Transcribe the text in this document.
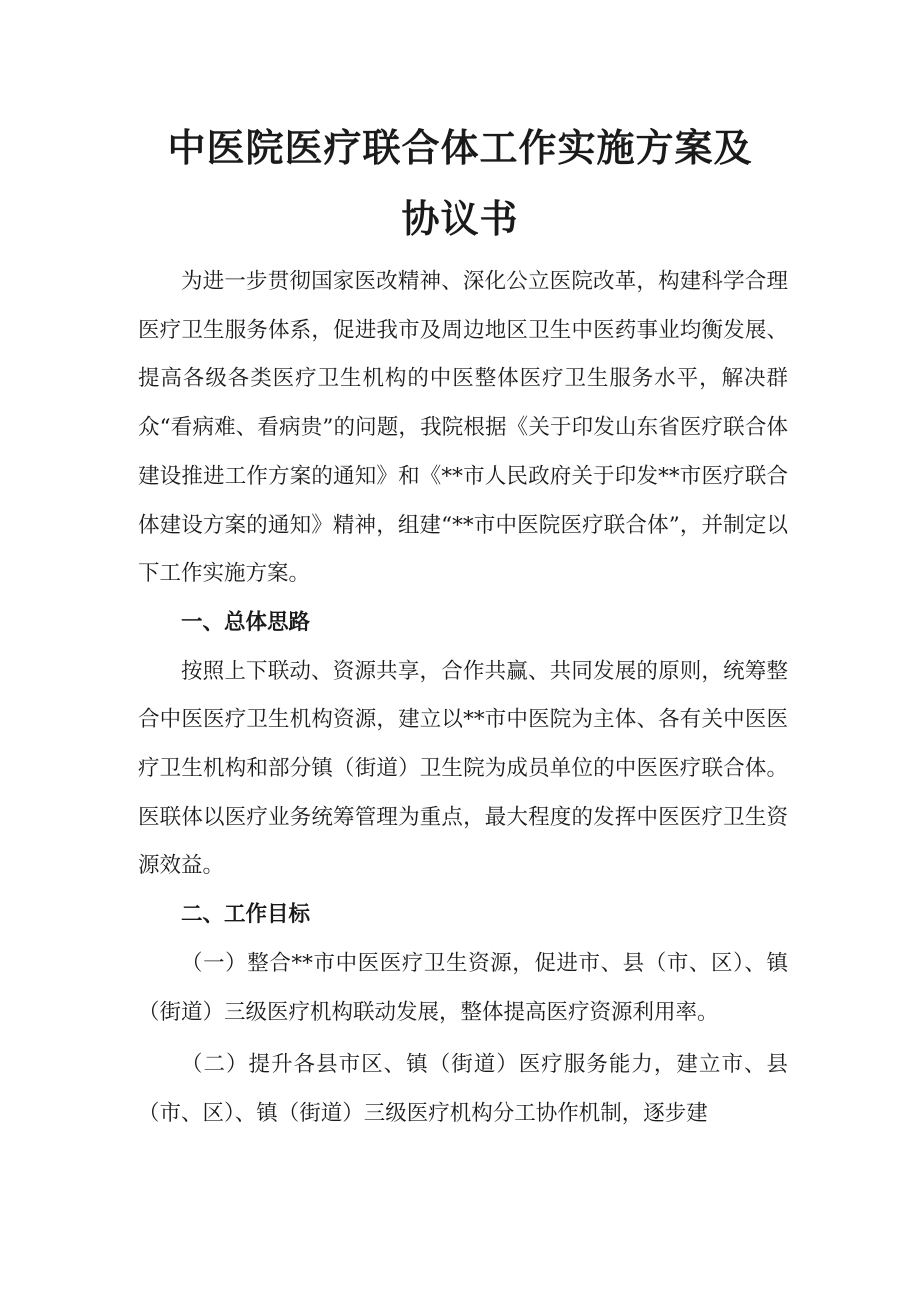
中医院医疗联合体工作实施方案及
协议书

为进一步贯彻国家医改精神、深化公立医院改革，构建科学合理医疗卫生服务体系，促进我市及周边地区卫生中医药事业均衡发展、提高各级各类医疗卫生机构的中医整体医疗卫生服务水平，解决群众“看病难、看病贵”的问题，我院根据《关于印发山东省医疗联合体建设推进工作方案的通知》和《**市人民政府关于印发**市医疗联合体建设方案的通知》精神，组建“**市中医院医疗联合体”，并制定以下工作实施方案。

一、总体思路

按照上下联动、资源共享，合作共赢、共同发展的原则，统筹整合中医医疗卫生机构资源，建立以**市中医院为主体、各有关中医医疗卫生机构和部分镇（街道）卫生院为成员单位的中医医疗联合体。医联体以医疗业务统筹管理为重点，最大程度的发挥中医医疗卫生资源效益。

二、工作目标

（一）整合**市中医医疗卫生资源，促进市、县（市、区）、镇（街道）三级医疗机构联动发展，整体提高医疗资源利用率。

（二）提升各县市区、镇（街道）医疗服务能力，建立市、县（市、区）、镇（街道）三级医疗机构分工协作机制，逐步建
